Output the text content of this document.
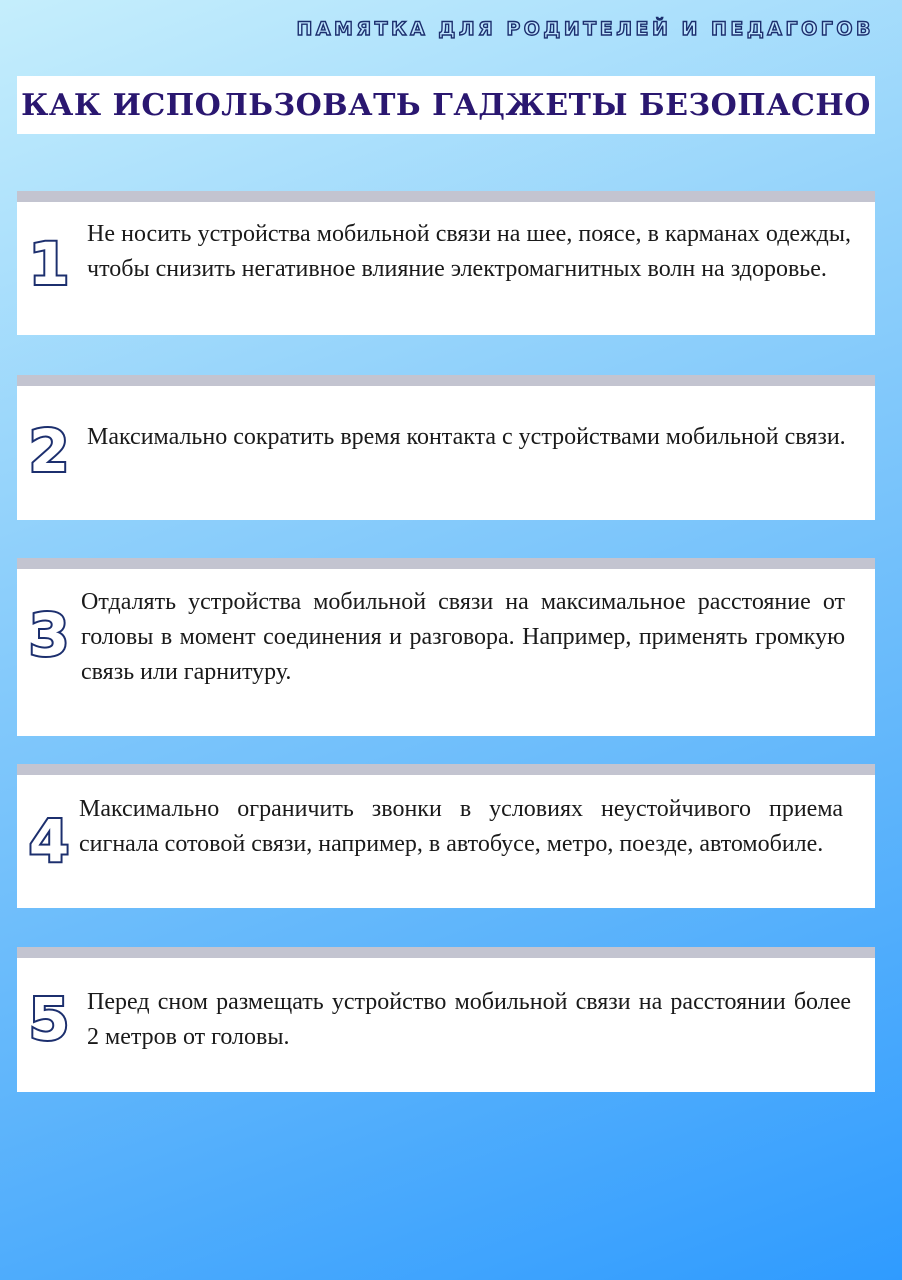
ПАМЯТКА ДЛЯ РОДИТЕЛЕЙ И ПЕДАГОГОВ
КАК ИСПОЛЬЗОВАТЬ ГАДЖЕТЫ БЕЗОПАСНО
1 Не носить устройства мобильной связи на шее, поясе, в карманах одежды, чтобы снизить негативное влияние электромагнитных волн на здоровье.

2 Максимально сократить время контакта с устройствами мобильной связи.

3 Отдалять устройства мобильной связи на максимальное расстояние от головы в момент соединения и разговора. Например, применять громкую связь или гарнитуру.

4 Максимально ограничить звонки в условиях неустойчивого приема сигнала сотовой связи, например, в автобусе, метро, поезде, автомобиле.

5 Перед сном размещать устройство мобильной связи на расстоянии более 2 метров от головы.
